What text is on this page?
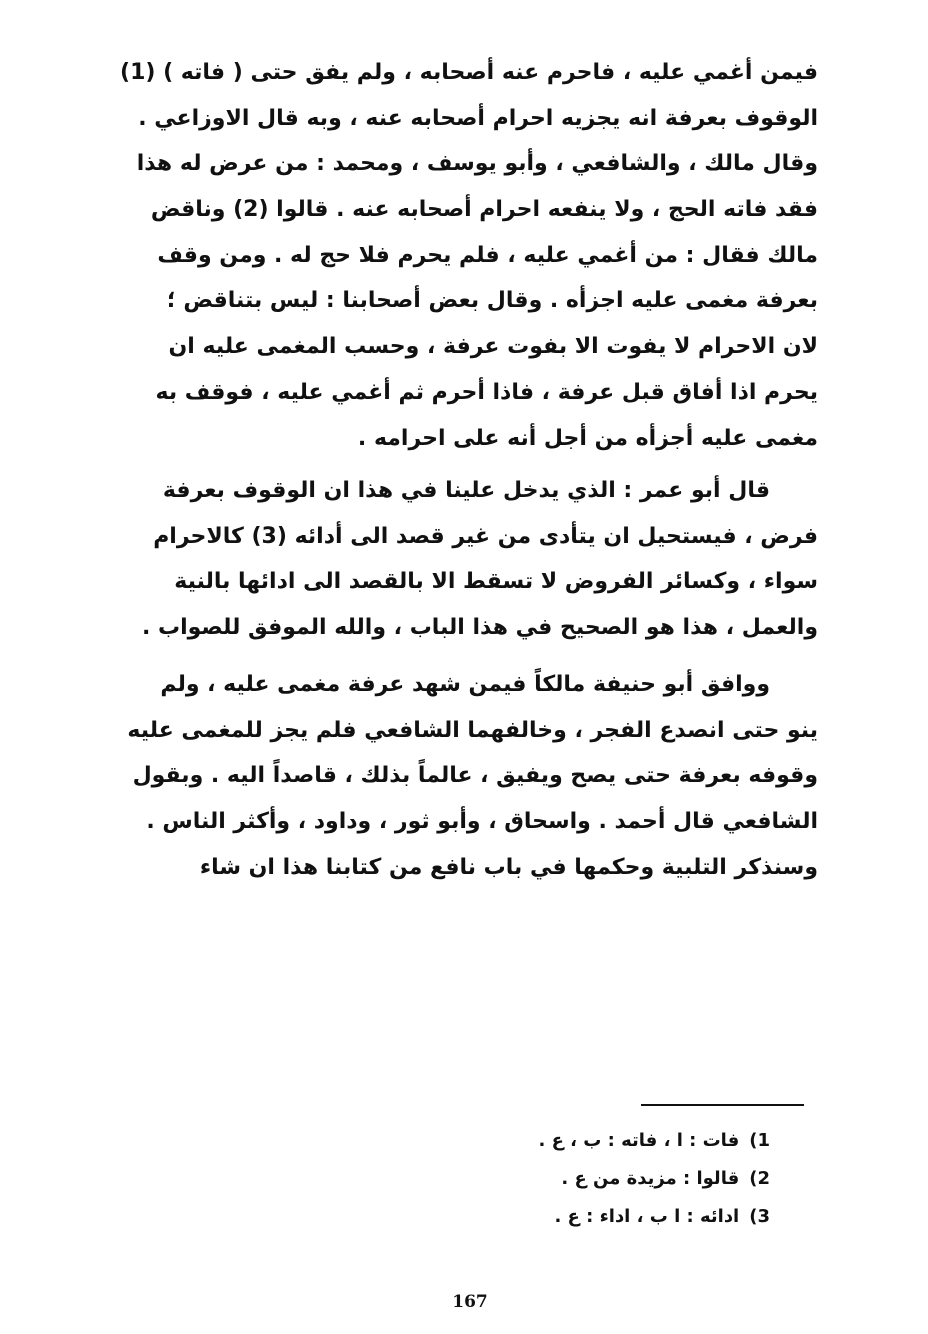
فيمن أغمي عليه ، فاحرم عنه أصحابه ، ولم يفق حتى ( فاته ) (1)
الوقوف بعرفة انه يجزيه احرام أصحابه عنه ، وبه قال الاوزاعي .
وقال مالك ، والشافعي ، وأبو يوسف ، ومحمد : من عرض له هذا
فقد فاته الحج ، ولا ينفعه احرام أصحابه عنه . قالوا (2) وناقض
مالك فقال : من أغمي عليه ، فلم يحرم فلا حج له . ومن وقف
بعرفة مغمى عليه اجزأه . وقال بعض أصحابنا : ليس بتناقض ؛
لان الاحرام لا يفوت الا بفوت عرفة ، وحسب المغمى عليه ان
يحرم اذا أفاق قبل عرفة ، فاذا أحرم ثم أغمي عليه ، فوقف به
مغمى عليه أجزأه من أجل أنه على احرامه .
قال أبو عمر : الذي يدخل علينا في هذا ان الوقوف بعرفة
فرض ، فيستحيل ان يتأدى من غير قصد الى أدائه (3) كالاحرام
سواء ، وكسائر الفروض لا تسقط الا بالقصد الى ادائها بالنية
والعمل ، هذا هو الصحيح في هذا الباب ، والله الموفق للصواب .
ووافق أبو حنيفة مالكاً فيمن شهد عرفة مغمى عليه ، ولم
ينو حتى انصدع الفجر ، وخالفهما الشافعي فلم يجز للمغمى عليه
وقوفه بعرفة حتى يصح ويفيق ، عالماً بذلك ، قاصداً اليه . وبقول
الشافعي قال أحمد . واسحاق ، وأبو ثور ، وداود ، وأكثر الناس .
وسنذكر التلبية وحكمها في باب نافع من كتابنا هذا ان شاء
1)فات : ا ، فاته : ب ، ع .
2)قالوا : مزيدة من ع .
3)ادائه : ا ب ، اداء : ع .
167
